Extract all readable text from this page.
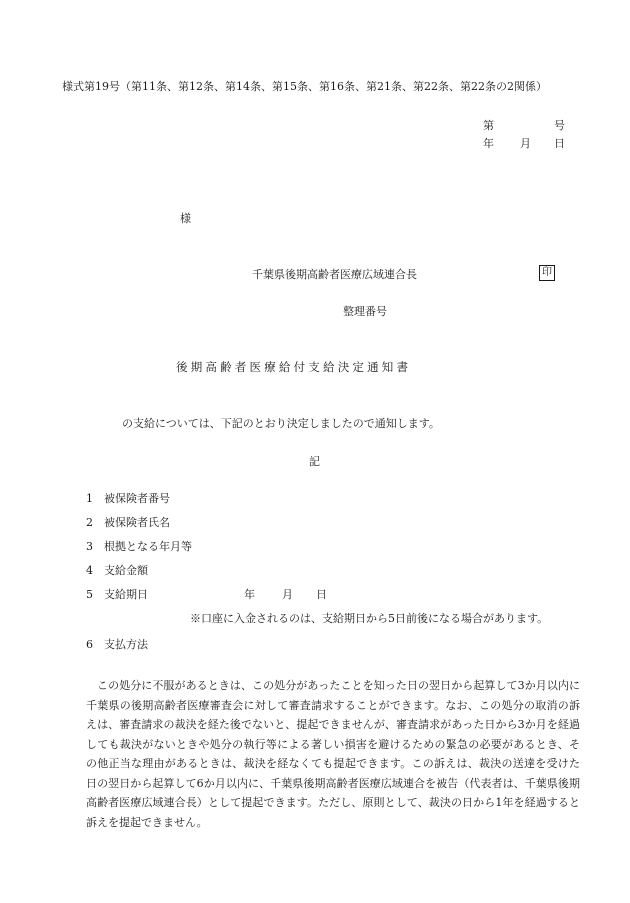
様式第19号（第11条、第12条、第14条、第15条、第16条、第21条、第22条、第22条の2関係）
第	号
年 月 日
様
千葉県後期高齢者医療広域連合長	印
整理番号
後期高齢者医療給付支給決定通知書
の支給については、下記のとおり決定しましたので通知します。
記
1 被保険者番号
2 被保険者氏名
3 根拠となる年月等
4 支給金額
5 支給期日	年 月 日
※口座に入金されるのは、支給期日から5日前後になる場合があります。
6 支払方法

この処分に不服があるときは、この処分があったことを知った日の翌日から起算して3か月以内に千葉県の後期高齢者医療審査会に対して審査請求することができます。なお、この処分の取消の訴えは、審査請求の裁決を経た後でないと、提起できませんが、審査請求があった日から3か月を経過しても裁決がないときや処分の執行等による著しい損害を避けるための緊急の必要があるとき、その他正当な理由があるときは、裁決を経なくても提起できます。この訴えは、裁決の送達を受けた日の翌日から起算して6か月以内に、千葉県後期高齢者医療広域連合を被告（代表者は、千葉県後期高齢者医療広域連合長）として提起できます。ただし、原則として、裁決の日から1年を経過すると訴えを提起できません。
